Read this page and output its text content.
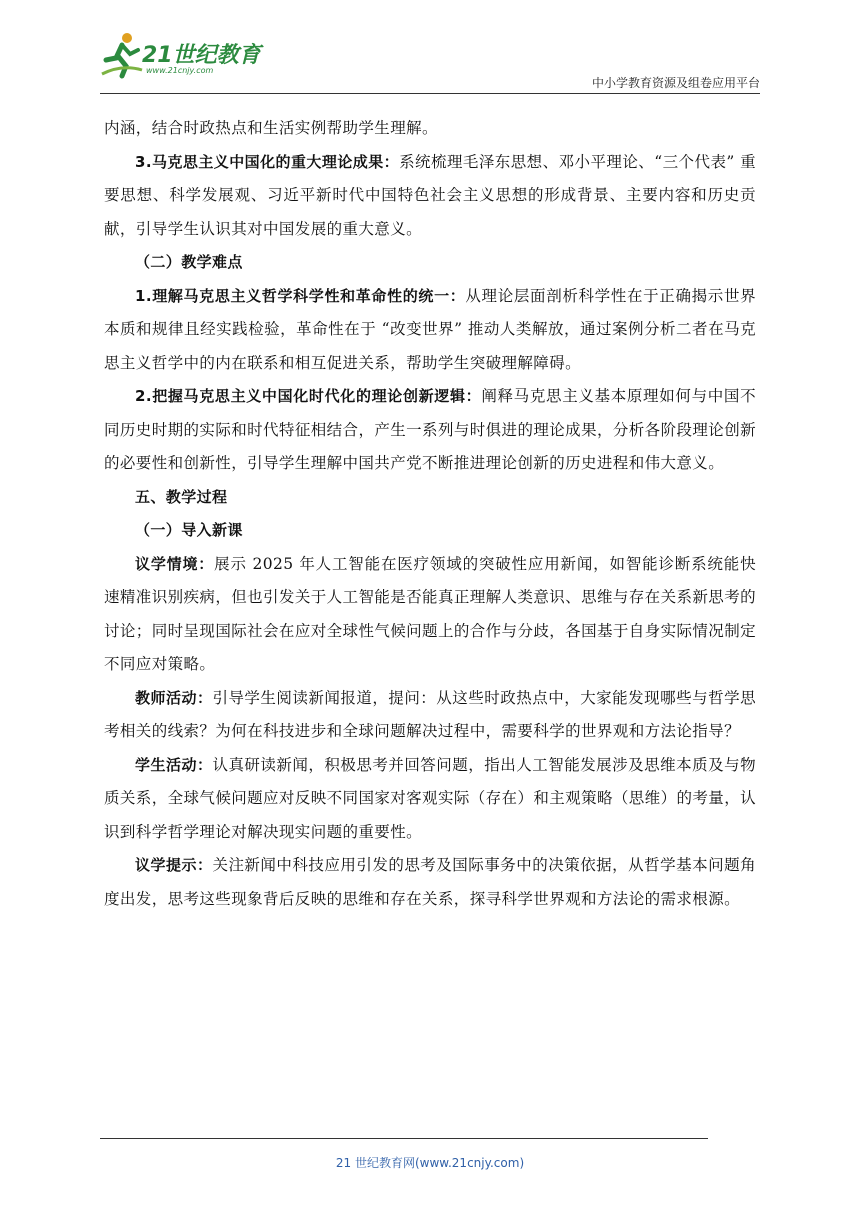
21世纪教育
www.21cnjy.com
中小学教育资源及组卷应用平台

内涵，结合时政热点和生活实例帮助学生理解。

3.马克思主义中国化的重大理论成果：系统梳理毛泽东思想、邓小平理论、“三个代表” 重要思想、科学发展观、习近平新时代中国特色社会主义思想的形成背景、主要内容和历史贡献，引导学生认识其对中国发展的重大意义。

（二）教学难点

1.理解马克思主义哲学科学性和革命性的统一：从理论层面剖析科学性在于正确揭示世界本质和规律且经实践检验，革命性在于 “改变世界” 推动人类解放，通过案例分析二者在马克思主义哲学中的内在联系和相互促进关系，帮助学生突破理解障碍。

2.把握马克思主义中国化时代化的理论创新逻辑：阐释马克思主义基本原理如何与中国不同历史时期的实际和时代特征相结合，产生一系列与时俱进的理论成果，分析各阶段理论创新的必要性和创新性，引导学生理解中国共产党不断推进理论创新的历史进程和伟大意义。

五、教学过程

（一）导入新课

议学情境：展示 2025 年人工智能在医疗领域的突破性应用新闻，如智能诊断系统能快速精准识别疾病，但也引发关于人工智能是否能真正理解人类意识、思维与存在关系新思考的讨论；同时呈现国际社会在应对全球性气候问题上的合作与分歧，各国基于自身实际情况制定不同应对策略。

教师活动：引导学生阅读新闻报道，提问：从这些时政热点中，大家能发现哪些与哲学思考相关的线索？为何在科技进步和全球问题解决过程中，需要科学的世界观和方法论指导？

学生活动：认真研读新闻，积极思考并回答问题，指出人工智能发展涉及思维本质及与物质关系，全球气候问题应对反映不同国家对客观实际（存在）和主观策略（思维）的考量，认识到科学哲学理论对解决现实问题的重要性。

议学提示：关注新闻中科技应用引发的思考及国际事务中的决策依据，从哲学基本问题角度出发，思考这些现象背后反映的思维和存在关系，探寻科学世界观和方法论的需求根源。

21 世纪教育网(www.21cnjy.com)
